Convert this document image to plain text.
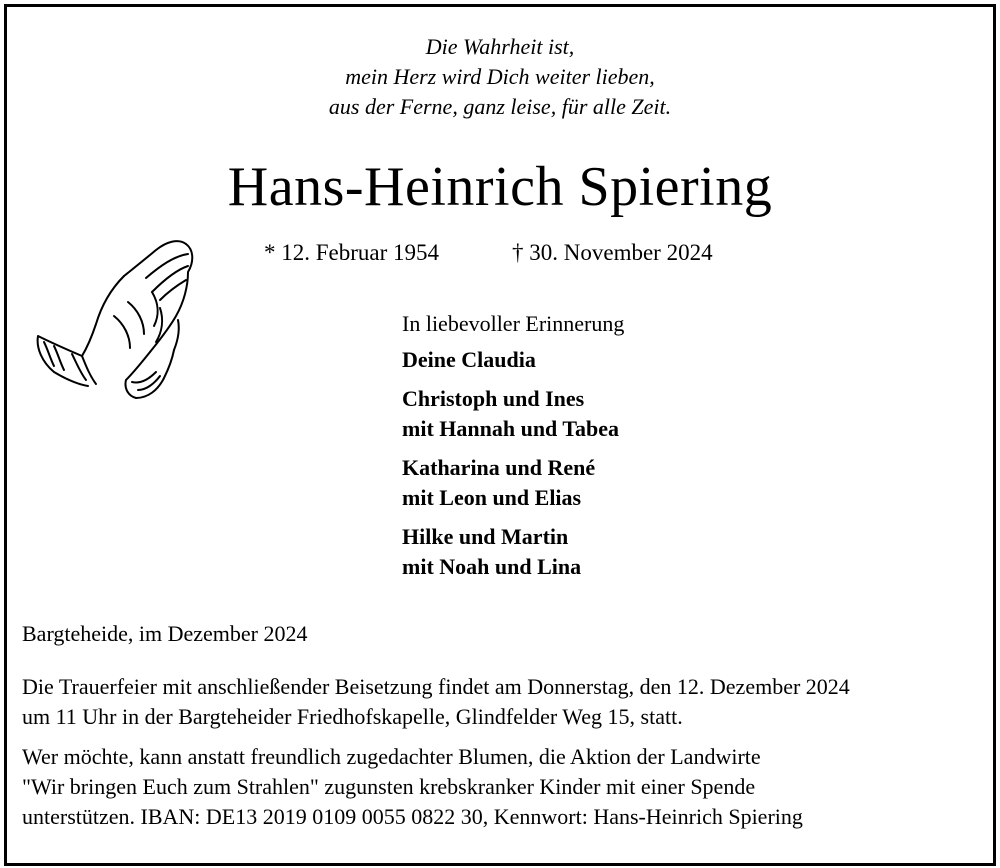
Die Wahrheit ist,
mein Herz wird Dich weiter lieben,
aus der Ferne, ganz leise, für alle Zeit.
Hans-Heinrich Spiering
* 12. Februar 1954	† 30. November 2024
In liebevoller Erinnerung
Deine Claudia
Christoph und Ines
mit Hannah und Tabea
Katharina und René
mit Leon und Elias
Hilke und Martin
mit Noah und Lina
Bargteheide, im Dezember 2024
Die Trauerfeier mit anschließender Beisetzung findet am Donnerstag, den 12. Dezember 2024
um 11 Uhr in der Bargteheider Friedhofskapelle, Glindfelder Weg 15, statt.
Wer möchte, kann anstatt freundlich zugedachter Blumen, die Aktion der Landwirte
"Wir bringen Euch zum Strahlen" zugunsten krebskranker Kinder mit einer Spende
unterstützen. IBAN: DE13 2019 0109 0055 0822 30, Kennwort: Hans-Heinrich Spiering
